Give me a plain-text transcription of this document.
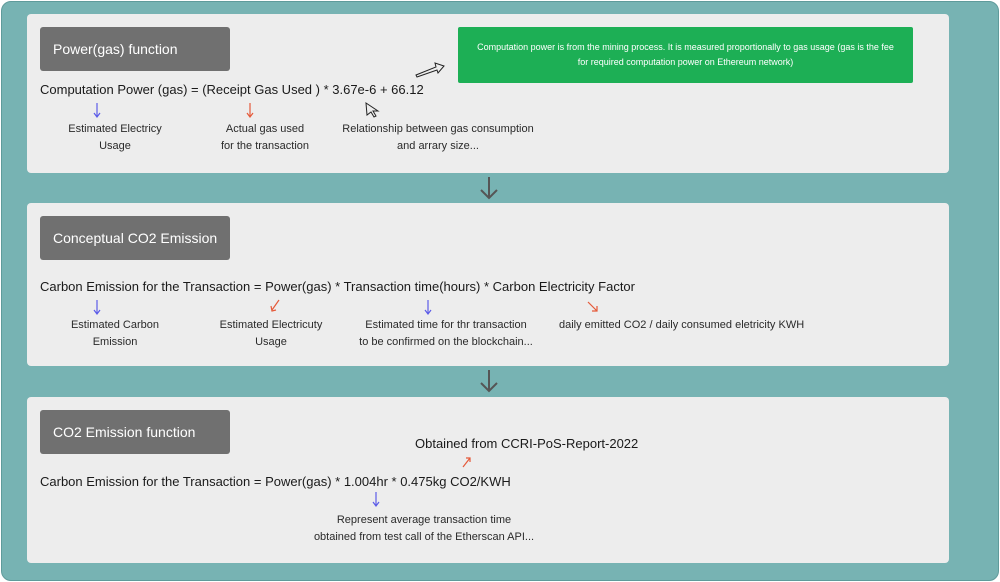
Power(gas) function	Computation power is from the mining process. It is measured proportionally to gas usage (gas is the fee for required computation power on Ethereum network)
Computation Power (gas) = (Receipt Gas Used ) * 3.67e-6 + 66.12
Estimated Electricy
Usage
Actual gas used
for the transaction
Relationship between gas consumption
and arrary size...
Conceptual CO2 Emission
Carbon Emission for the Transaction = Power(gas) * Transaction time(hours) * Carbon Electricity Factor
Estimated Carbon
Emission
Estimated Electricuty
Usage
Estimated time for thr transaction
to be confirmed on the blockchain...
daily emitted CO2 / daily consumed eletricity KWH
CO2 Emission function
Obtained from CCRI-PoS-Report-2022
Carbon Emission for the Transaction = Power(gas) * 1.004hr * 0.475kg CO2/KWH
Represent average transaction time
obtained from test call of the Etherscan API...
